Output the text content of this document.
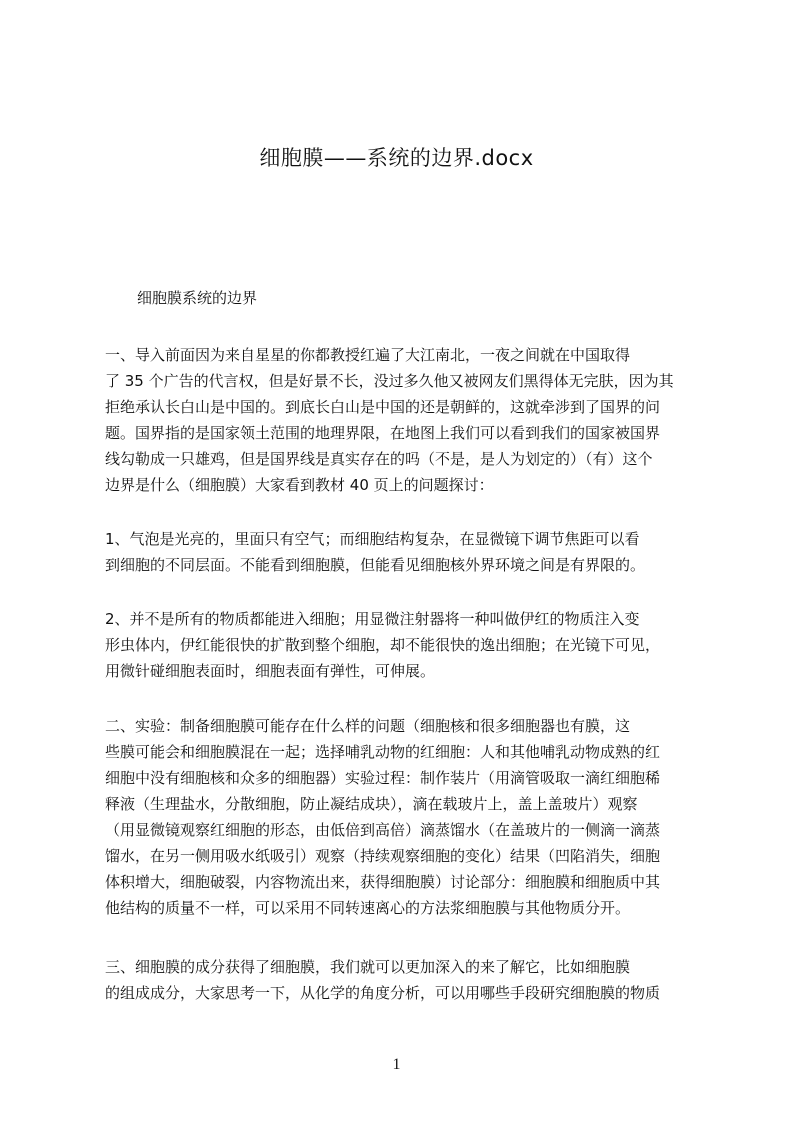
细胞膜——系统的边界.docx
细胞膜系统的边界
一、导入前面因为来自星星的你都教授红遍了大江南北，一夜之间就在中国取得
了 35 个广告的代言权，但是好景不长，没过多久他又被网友们黑得体无完肤，因为其
拒绝承认长白山是中国的。到底长白山是中国的还是朝鲜的，这就牵涉到了国界的问
题。国界指的是国家领土范围的地理界限，在地图上我们可以看到我们的国家被国界
线勾勒成一只雄鸡，但是国界线是真实存在的吗（不是，是人为划定的）（有）这个
边界是什么（细胞膜）大家看到教材 40 页上的问题探讨：
1、气泡是光亮的，里面只有空气；而细胞结构复杂，在显微镜下调节焦距可以看
到细胞的不同层面。不能看到细胞膜，但能看见细胞核外界环境之间是有界限的。
2、并不是所有的物质都能进入细胞；用显微注射器将一种叫做伊红的物质注入变
形虫体内，伊红能很快的扩散到整个细胞，却不能很快的逸出细胞；在光镜下可见，
用微针碰细胞表面时，细胞表面有弹性，可伸展。
二、实验：制备细胞膜可能存在什么样的问题（细胞核和很多细胞器也有膜，这
些膜可能会和细胞膜混在一起；选择哺乳动物的红细胞：人和其他哺乳动物成熟的红
细胞中没有细胞核和众多的细胞器）实验过程：制作装片（用滴管吸取一滴红细胞稀
释液（生理盐水，分散细胞，防止凝结成块），滴在载玻片上，盖上盖玻片）观察
（用显微镜观察红细胞的形态，由低倍到高倍）滴蒸馏水（在盖玻片的一侧滴一滴蒸
馏水，在另一侧用吸水纸吸引）观察（持续观察细胞的变化）结果（凹陷消失，细胞
体积增大，细胞破裂，内容物流出来，获得细胞膜）讨论部分：细胞膜和细胞质中其
他结构的质量不一样，可以采用不同转速离心的方法浆细胞膜与其他物质分开。
三、细胞膜的成分获得了细胞膜，我们就可以更加深入的来了解它，比如细胞膜
的组成成分，大家思考一下，从化学的角度分析，可以用哪些手段研究细胞膜的物质
1
